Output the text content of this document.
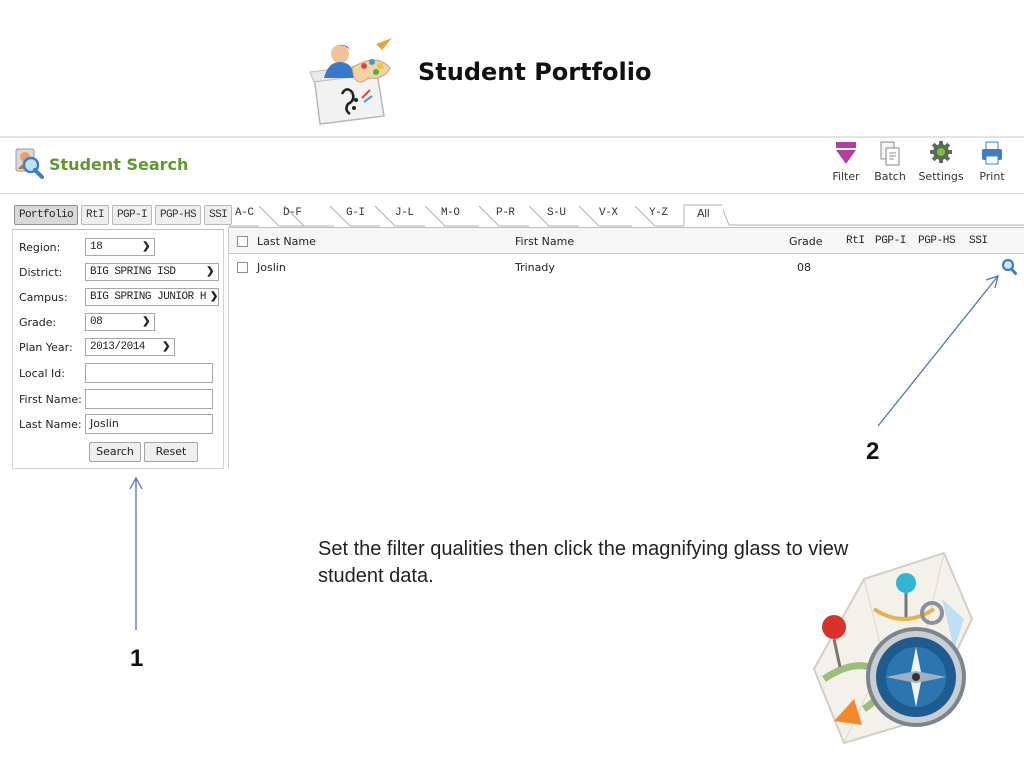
Student Portfolio
Student Search
Filter	Batch	Settings	Print
Portfolio	RtI	PGP-I	PGP-HS	SSI
Region:	18	❯
District:	BIG SPRING ISD	❯
Campus:	BIG SPRING JUNIOR H ❯
Grade:	08	❯
Plan Year:	2013/2014 ❯
Local Id:
First Name:
Last Name: Joslin
Search	Reset
A-C	D-F	G-I	J-L M-O	P-R	S-U	V-X	Y-Z	All
Last Name	First Name	Grade RtI PGP-I PGP-HS SSI
Joslin	Trinady	08
1
2
Set the filter qualities then click the magnifying glass to view student data.
